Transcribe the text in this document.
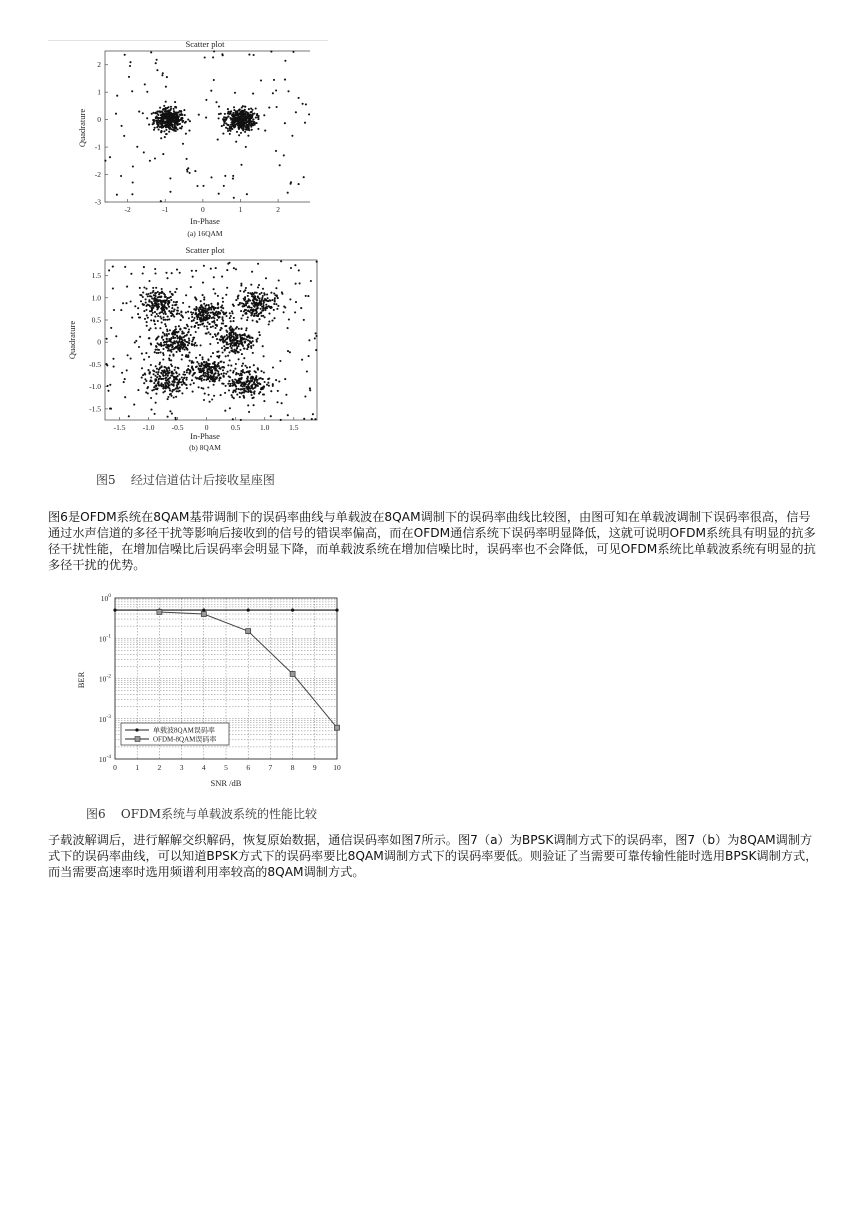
Scatter plot
-2	-1	0	1	2
2
1
0
-1
-2
-3
In-Phase
(a) 16QAM
Quadrature
Scatter plot
-1.5 -1.0 -0.5	0	0.5	1.0	1.5
1.5
1.0
0.5
0
-0.5
-1.0
-1.5
In-Phase
(b) 8QAM
Quadrature
图5 经过信道估计后接收星座图
图6是OFDM系统在8QAM基带调制下的误码率曲线与单载波在8QAM调制下的误码率曲线比较图，由图可知在单载波调制下误码率很高，信号通过水声信道的多径干扰等影响后接收到的信号的错误率偏高，而在OFDM通信系统下误码率明显降低，这就可说明OFDM系统具有明显的抗多径干扰性能，在增加信噪比后误码率会明显下降，而单载波系统在增加信噪比时，误码率也不会降低，可见OFDM系统比单载波系统有明显的抗多径干扰的优势。
0 1 2 3 4 5 6 7 8 9 10
$10^0$
$10^{-1}$
$10^{-2}$
$10^{-3}$
$10^{-4}$
单载波8QAM误码率
OFDM-8QAM误码率
SNR /dB
BER
图6 OFDM系统与单载波系统的性能比较
子载波解调后，进行解解交织解码，恢复原始数据，通信误码率如图7所示。图7（a）为BPSK调制方式下的误码率，图7（b）为8QAM调制方式下的误码率曲线，可以知道BPSK方式下的误码率要比8QAM调制方式下的误码率要低。则验证了当需要可靠传输性能时选用BPSK调制方式，而当需要高速率时选用频谱利用率较高的8QAM调制方式。
